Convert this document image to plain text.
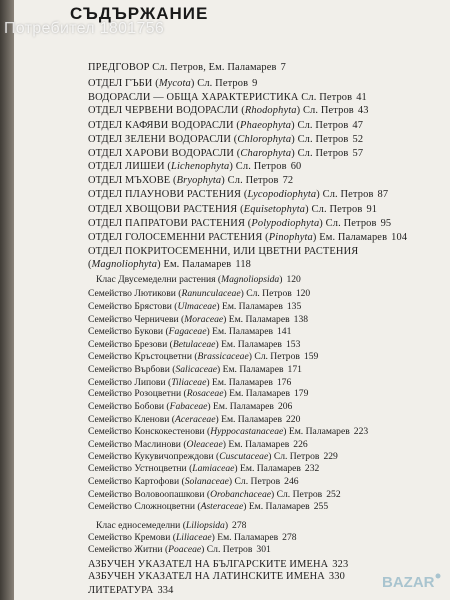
СЪДЪРЖАНИЕ
ПРЕДГОВОР Сл. Петров, Ем. Паламарев 7
ОТДЕЛ ГЪБИ (Mycota) Сл. Петров 9
ВОДОРАСЛИ — ОБЩА ХАРАКТЕРИСТИКА Сл. Петров 41
ОТДЕЛ ЧЕРВЕНИ ВОДОРАСЛИ (Rhodophyta) Сл. Петров 43
ОТДЕЛ КАФЯВИ ВОДОРАСЛИ (Phaeophyta) Сл. Петров 47
ОТДЕЛ ЗЕЛЕНИ ВОДОРАСЛИ (Chlorophyta) Сл. Петров 52
ОТДЕЛ ХАРОВИ ВОДОРАСЛИ (Charophyta) Сл. Петров 57
ОТДЕЛ ЛИШЕИ (Lichenophyta) Сл. Петров 60
ОТДЕЛ МЪХОВЕ (Bryophyta) Сл. Петров 72
ОТДЕЛ ПЛАУНОВИ РАСТЕНИЯ (Lycopodiophyta) Сл. Петров 87
ОТДЕЛ ХВОЩОВИ РАСТЕНИЯ (Equisetophyta) Сл. Петров 91
ОТДЕЛ ПАПРАТОВИ РАСТЕНИЯ (Polypodiophyta) Сл. Петров 95
ОТДЕЛ ГОЛОСЕМЕННИ РАСТЕНИЯ (Pinophyta) Ем. Паламарев 104
ОТДЕЛ ПОКРИТОСЕМЕННИ, ИЛИ ЦВЕТНИ РАСТЕНИЯ
(Magnoliophyta) Ем. Паламарев 118
Клас Двусемеделни растения (Magnoliopsida) 120
Семейство Лютикови (Ranunculaceae) Сл. Петров 120
Семейство Брястови (Ulmaceae) Ем. Паламарев 135
Семейство Черничеви (Moraceae) Ем. Паламарев 138
Семейство Букови (Fagaceae) Ем. Паламарев 141
Семейство Брезови (Betulaceae) Ем. Паламарев 153
Семейство Кръстоцветни (Brassicaceae) Сл. Петров 159
Семейство Върбови (Salicaceae) Ем. Паламарев 171
Семейство Липови (Tiliaceae) Ем. Паламарев 176
Семейство Розоцветни (Rosaceae) Ем. Паламарев 179
Семейство Бобови (Fabaceae) Ем. Паламарев 206
Семейство Кленови (Aceraceae) Ем. Паламарев 220
Семейство Конскокестенови (Hyppocastanaceae) Ем. Паламарев 223
Семейство Маслинови (Oleaceae) Ем. Паламарев 226
Семейство Кукувичопреждови (Cuscutaceae) Сл. Петров 229
Семейство Устноцветни (Lamiaceae) Ем. Паламарев 232
Семейство Картофови (Solanaceae) Сл. Петров 246
Семейство Воловоопашкови (Orobanchaceae) Сл. Петров 252
Семейство Сложноцветни (Asteraceae) Ем. Паламарев 255
Клас едносемеделни (Liliopsida) 278
Семейство Кремови (Liliaceae) Ем. Паламарев 278
Семейство Житни (Poaceae) Сл. Петров 301
АЗБУЧЕН УКАЗАТЕЛ НА БЪЛГАРСКИТЕ ИМЕНА 323
АЗБУЧЕН УКАЗАТЕЛ НА ЛАТИНСКИТЕ ИМЕНА 330
ЛИТЕРАТУРА 334
Потребител 1801756
BAZAR
